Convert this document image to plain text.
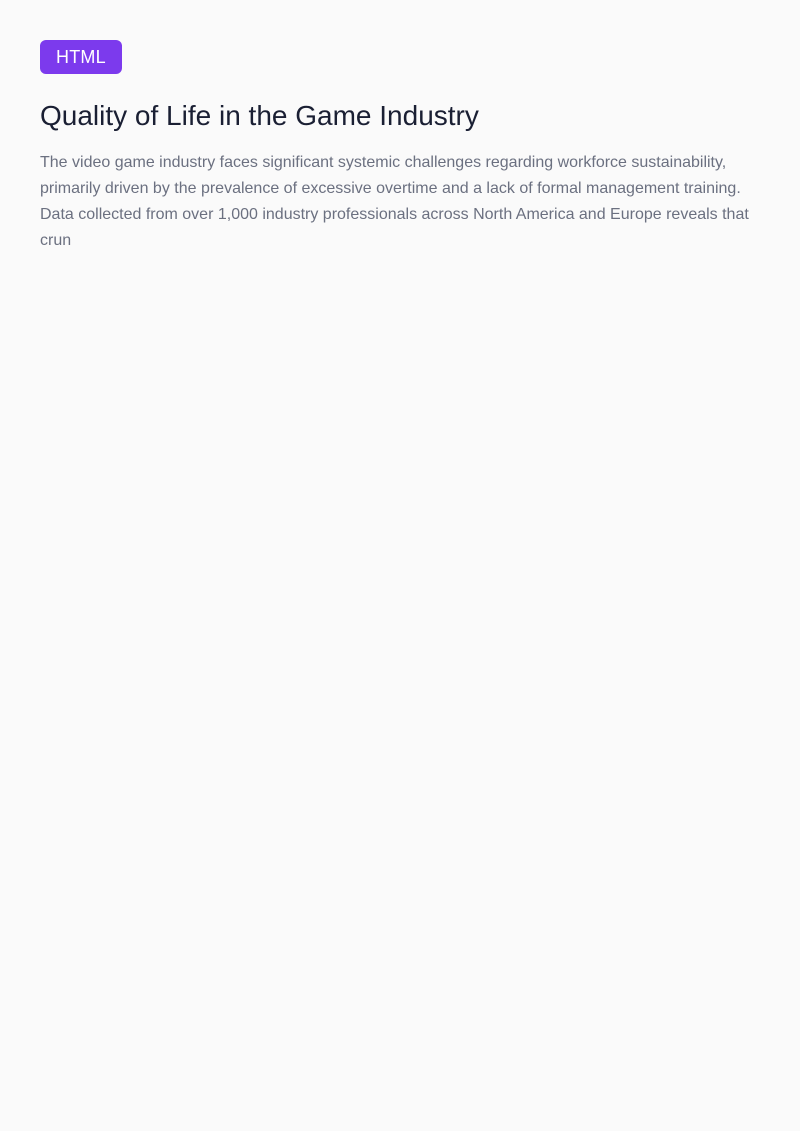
HTML
Quality of Life in the Game Industry

The video game industry faces significant systemic challenges regarding workforce sustainability, primarily driven by the prevalence of excessive overtime and a lack of formal management training. Data collected from over 1,000 industry professionals across North America and Europe reveals that crun
